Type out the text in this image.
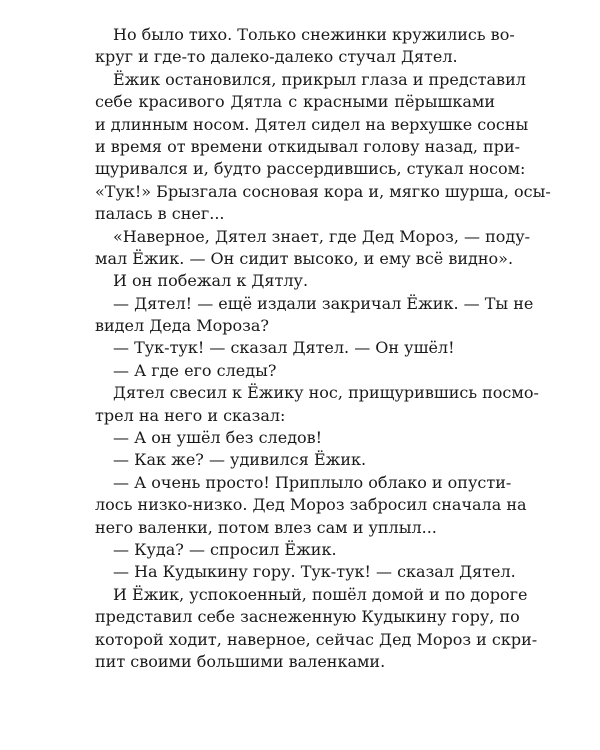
Но было тихо. Только снежинки кружились во-
круг и где-то далеко-далеко стучал Дятел.
Ёжик остановился, прикрыл глаза и представил
себе красивого Дятла с красными пёрышками
и длинным носом. Дятел сидел на верхушке сосны
и время от времени откидывал голову назад, при-
щуривался и, будто рассердившись, стукал носом:
«Тук!» Брызгала сосновая кора и, мягко шурша, осы-
палась в снег...
«Наверное, Дятел знает, где Дед Мороз, — поду-
мал Ёжик. — Он сидит высоко, и ему всё видно».
И он побежал к Дятлу.
— Дятел! — ещё издали закричал Ёжик. — Ты не
видел Деда Мороза?
— Тук-тук! — сказал Дятел. — Он ушёл!
— А где его следы?
Дятел свесил к Ёжику нос, прищурившись посмо-
трел на него и сказал:
— А он ушёл без следов!
— Как же? — удивился Ёжик.
— А очень просто! Приплыло облако и опусти-
лось низко-низко. Дед Мороз забросил сначала на
него валенки, потом влез сам и уплыл...
— Куда? — спросил Ёжик.
— На Кудыкину гору. Тук-тук! — сказал Дятел.
И Ёжик, успокоенный, пошёл домой и по дороге
представил себе заснеженную Кудыкину гору, по
которой ходит, наверное, сейчас Дед Мороз и скри-
пит своими большими валенками.
